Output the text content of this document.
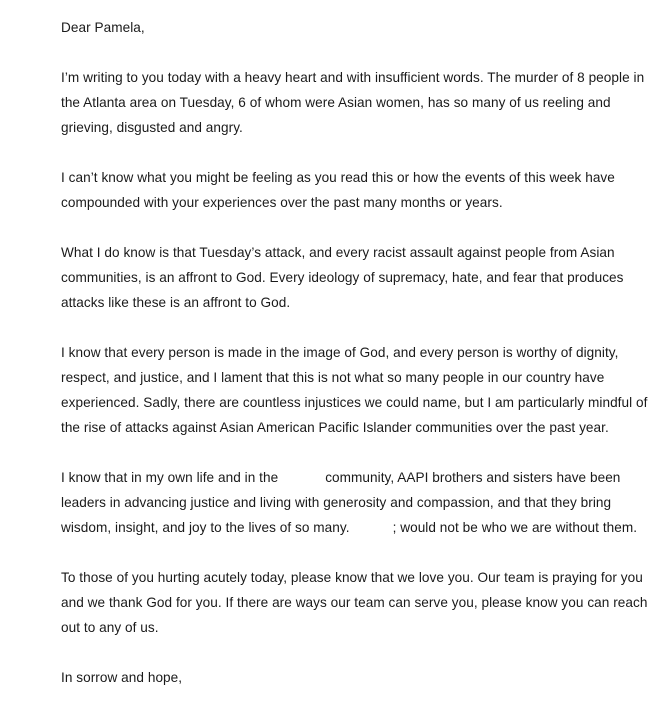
Dear Pamela,

I’m writing to you today with a heavy heart and with insufficient words. The murder of 8 people in
the Atlanta area on Tuesday, 6 of whom were Asian women, has so many of us reeling and
grieving, disgusted and angry.

I can’t know what you might be feeling as you read this or how the events of this week have
compounded with your experiences over the past many months or years.

What I do know is that Tuesday’s attack, and every racist assault against people from Asian
communities, is an affront to God. Every ideology of supremacy, hate, and fear that produces
attacks like these is an affront to God.

I know that every person is made in the image of God, and every person is worthy of dignity,
respect, and justice, and I lament that this is not what so many people in our country have
experienced. Sadly, there are countless injustices we could name, but I am particularly mindful of
the rise of attacks against Asian American Pacific Islander communities over the past year.

I know that in my own life and in the	community, AAPI brothers and sisters have been
leaders in advancing justice and living with generosity and compassion, and that they bring
wisdom, insight, and joy to the lives of so many.	; would not be who we are without them.

To those of you hurting acutely today, please know that we love you. Our team is praying for you
and we thank God for you. If there are ways our team can serve you, please know you can reach
out to any of us.

In sorrow and hope,
